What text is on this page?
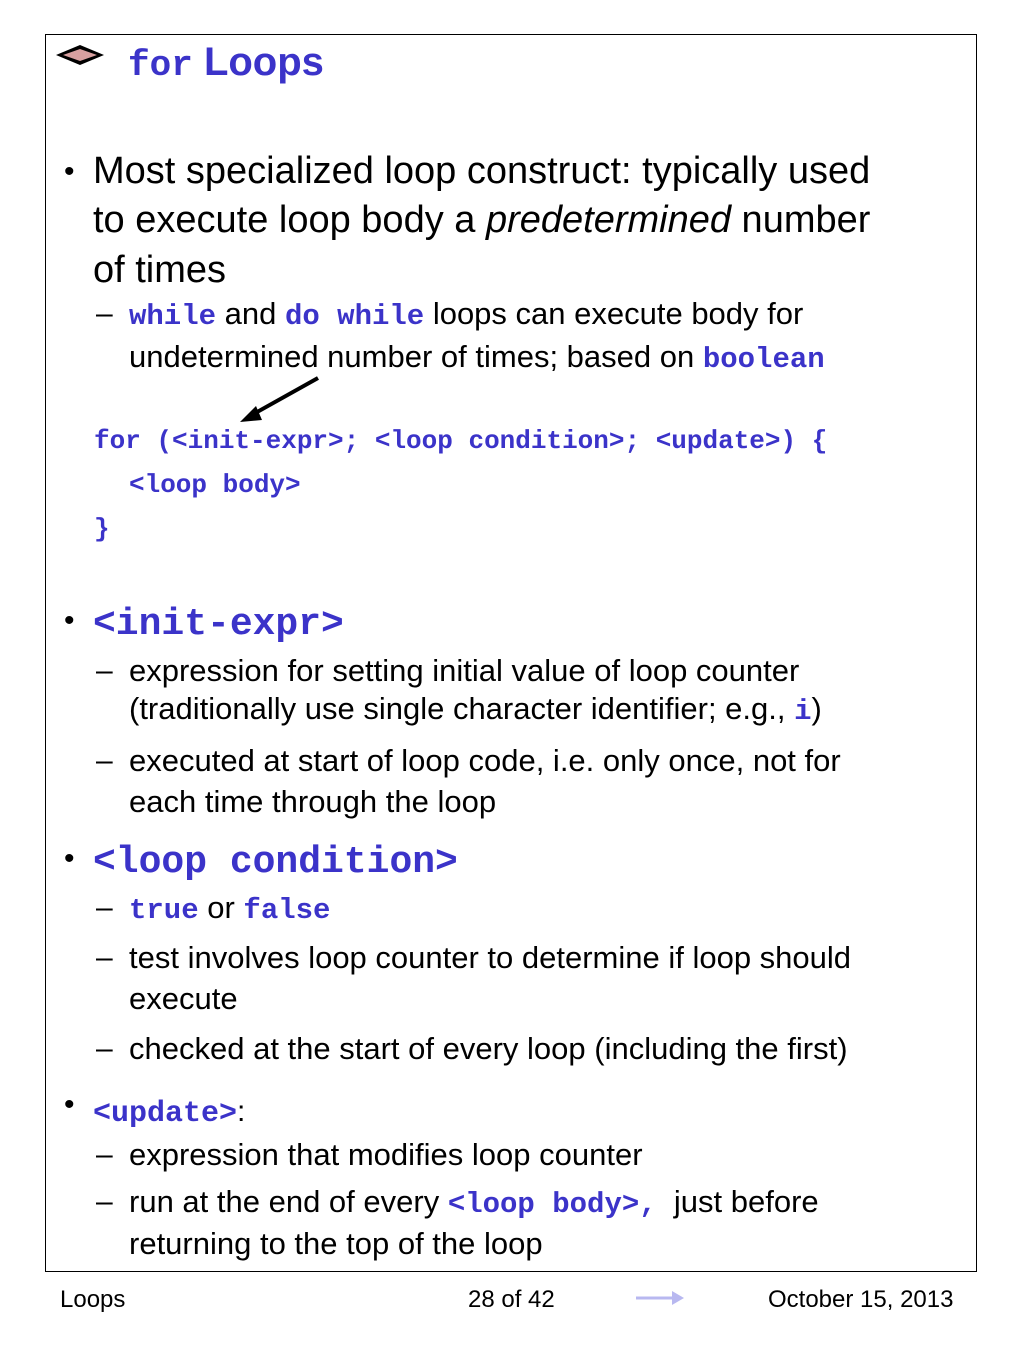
for Loops
• Most specialized loop construct: typically used
to execute loop body a predetermined number
of times
– while and do while loops can execute body for
undetermined number of times; based on boolean
for (<init-expr>; <loop condition>; <update>) {
<loop body>
}
• <init-expr>
– expression for setting initial value of loop counter
(traditionally use single character identifier; e.g., i)
– executed at start of loop code, i.e. only once, not for
each time through the loop
• <loop condition>
– true or false
– test involves loop counter to determine if loop should
execute
– checked at the start of every loop (including the first)
• <update>:
– expression that modifies loop counter
– run at the end of every <loop body>,  just before
returning to the top of the loop
Loops	28 of 42	October 15, 2013
